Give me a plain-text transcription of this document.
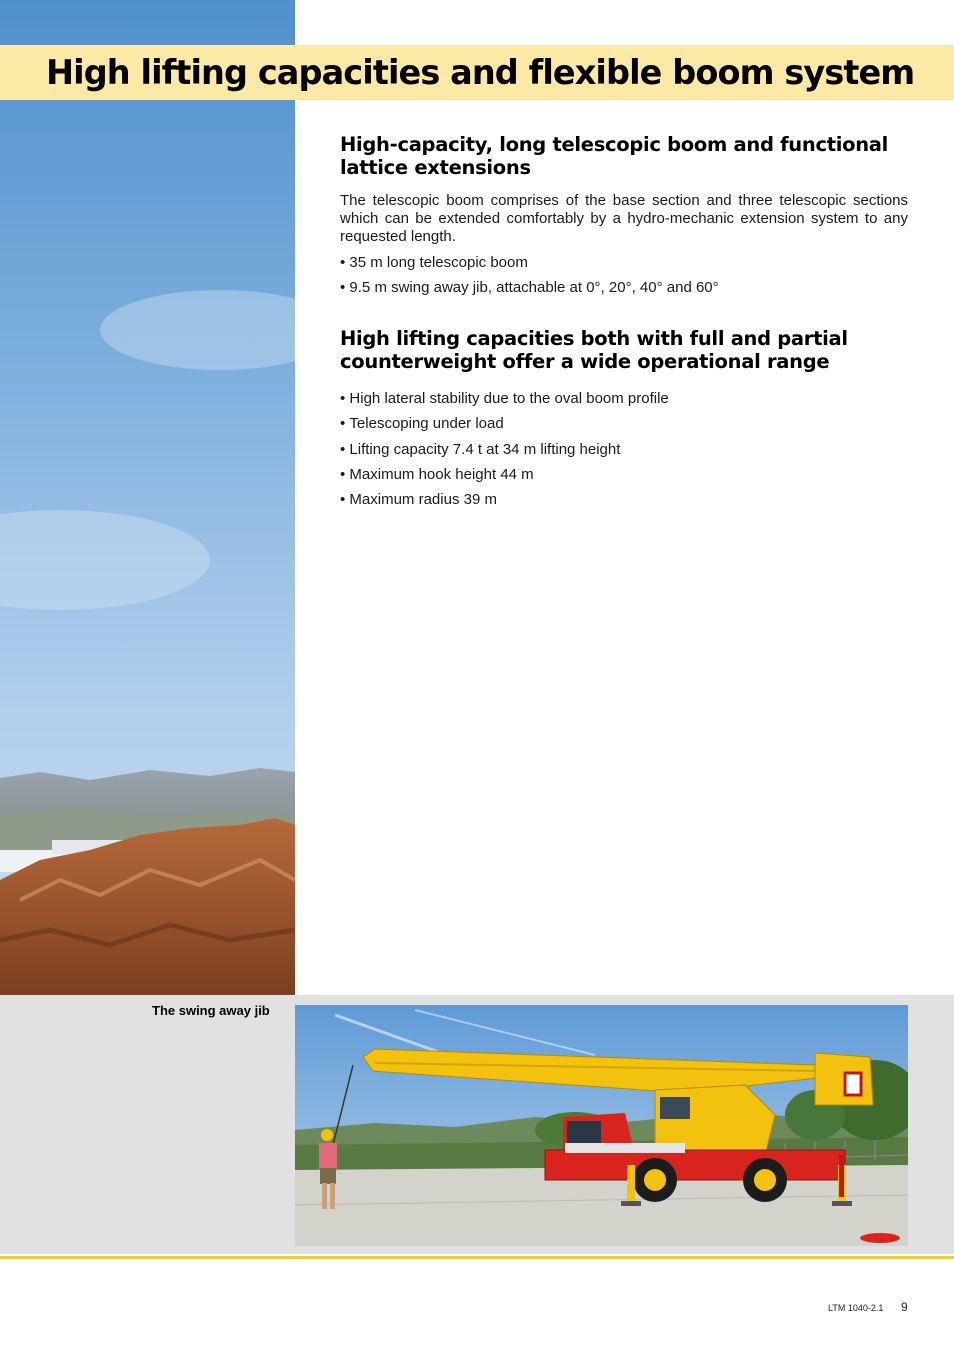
High lifting capacities and flexible boom system
High-capacity, long telescopic boom and functional lattice extensions

The telescopic boom comprises of the base section and three telescopic sections which can be extended comfortably by a hydro-mechanic extension system to any requested length.

• 35 m long telescopic boom
• 9.5 m swing away jib, attachable at 0°, 20°, 40° and 60°
High lifting capacities both with full and partial counterweight offer a wide operational range
• High lateral stability due to the oval boom profile
• Telescoping under load
• Lifting capacity 7.4 t at 34 m lifting height
• Maximum hook height 44 m
• Maximum radius 39 m
The swing away jib
LTM 1040-2.1 9
